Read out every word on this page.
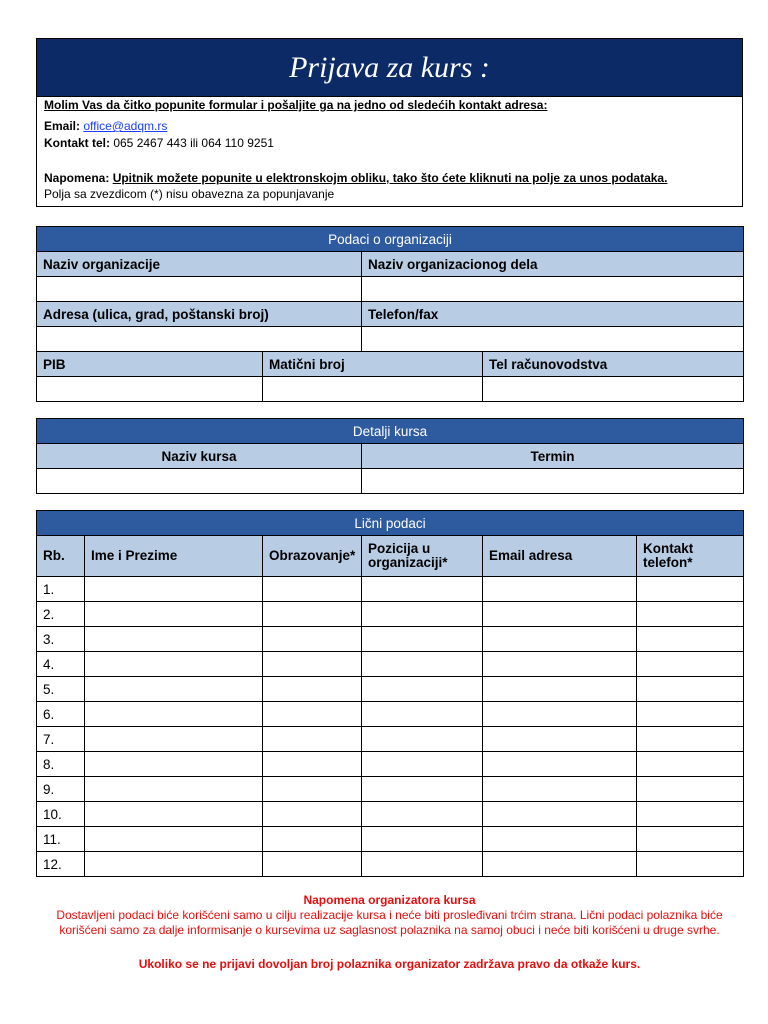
Prijava za kurs :
Molim Vas da čitko popunite formular i pošaljite ga na jedno od sledećih kontakt adresa:
Email: office@adqm.rs
Kontakt tel: 065 2467 443 ili 064 110 9251
Napomena: Upitnik možete popunite u elektronskojm obliku, tako što ćete kliknuti na polje za unos podataka.
Polja sa zvezdicom (*) nisu obavezna za popunjavanje
Podaci o organizaciji			
Naziv organizacije		Naziv organizacionog dela	

Adresa (ulica, grad, poštanski broj)		Telefon/fax	

PIB	Matični broj		Tel računovodstva

Detalji kursa	
Naziv kursa	Termin

Lični podaci					
Rb.	Ime i Prezime	Obrazovanje*	Pozicija u organizaciji*	Email adresa	Kontakt telefon*
1.					
2.					
3.					
4.					
5.					
6.					
7.					
8.					
9.					
10.					
11.					
12.					
Napomena organizatora kursa
Dostavljeni podaci biće korišćeni samo u cilju realizacije kursa i neće biti prosleđivani trćim strana. Lični podaci polaznika biće korišćeni samo za dalje informisanje o kursevima uz saglasnost polaznika na samoj obuci i neće biti korišćeni u druge svrhe.
Ukoliko se ne prijavi dovoljan broj polaznika organizator zadržava pravo da otkaže kurs.
